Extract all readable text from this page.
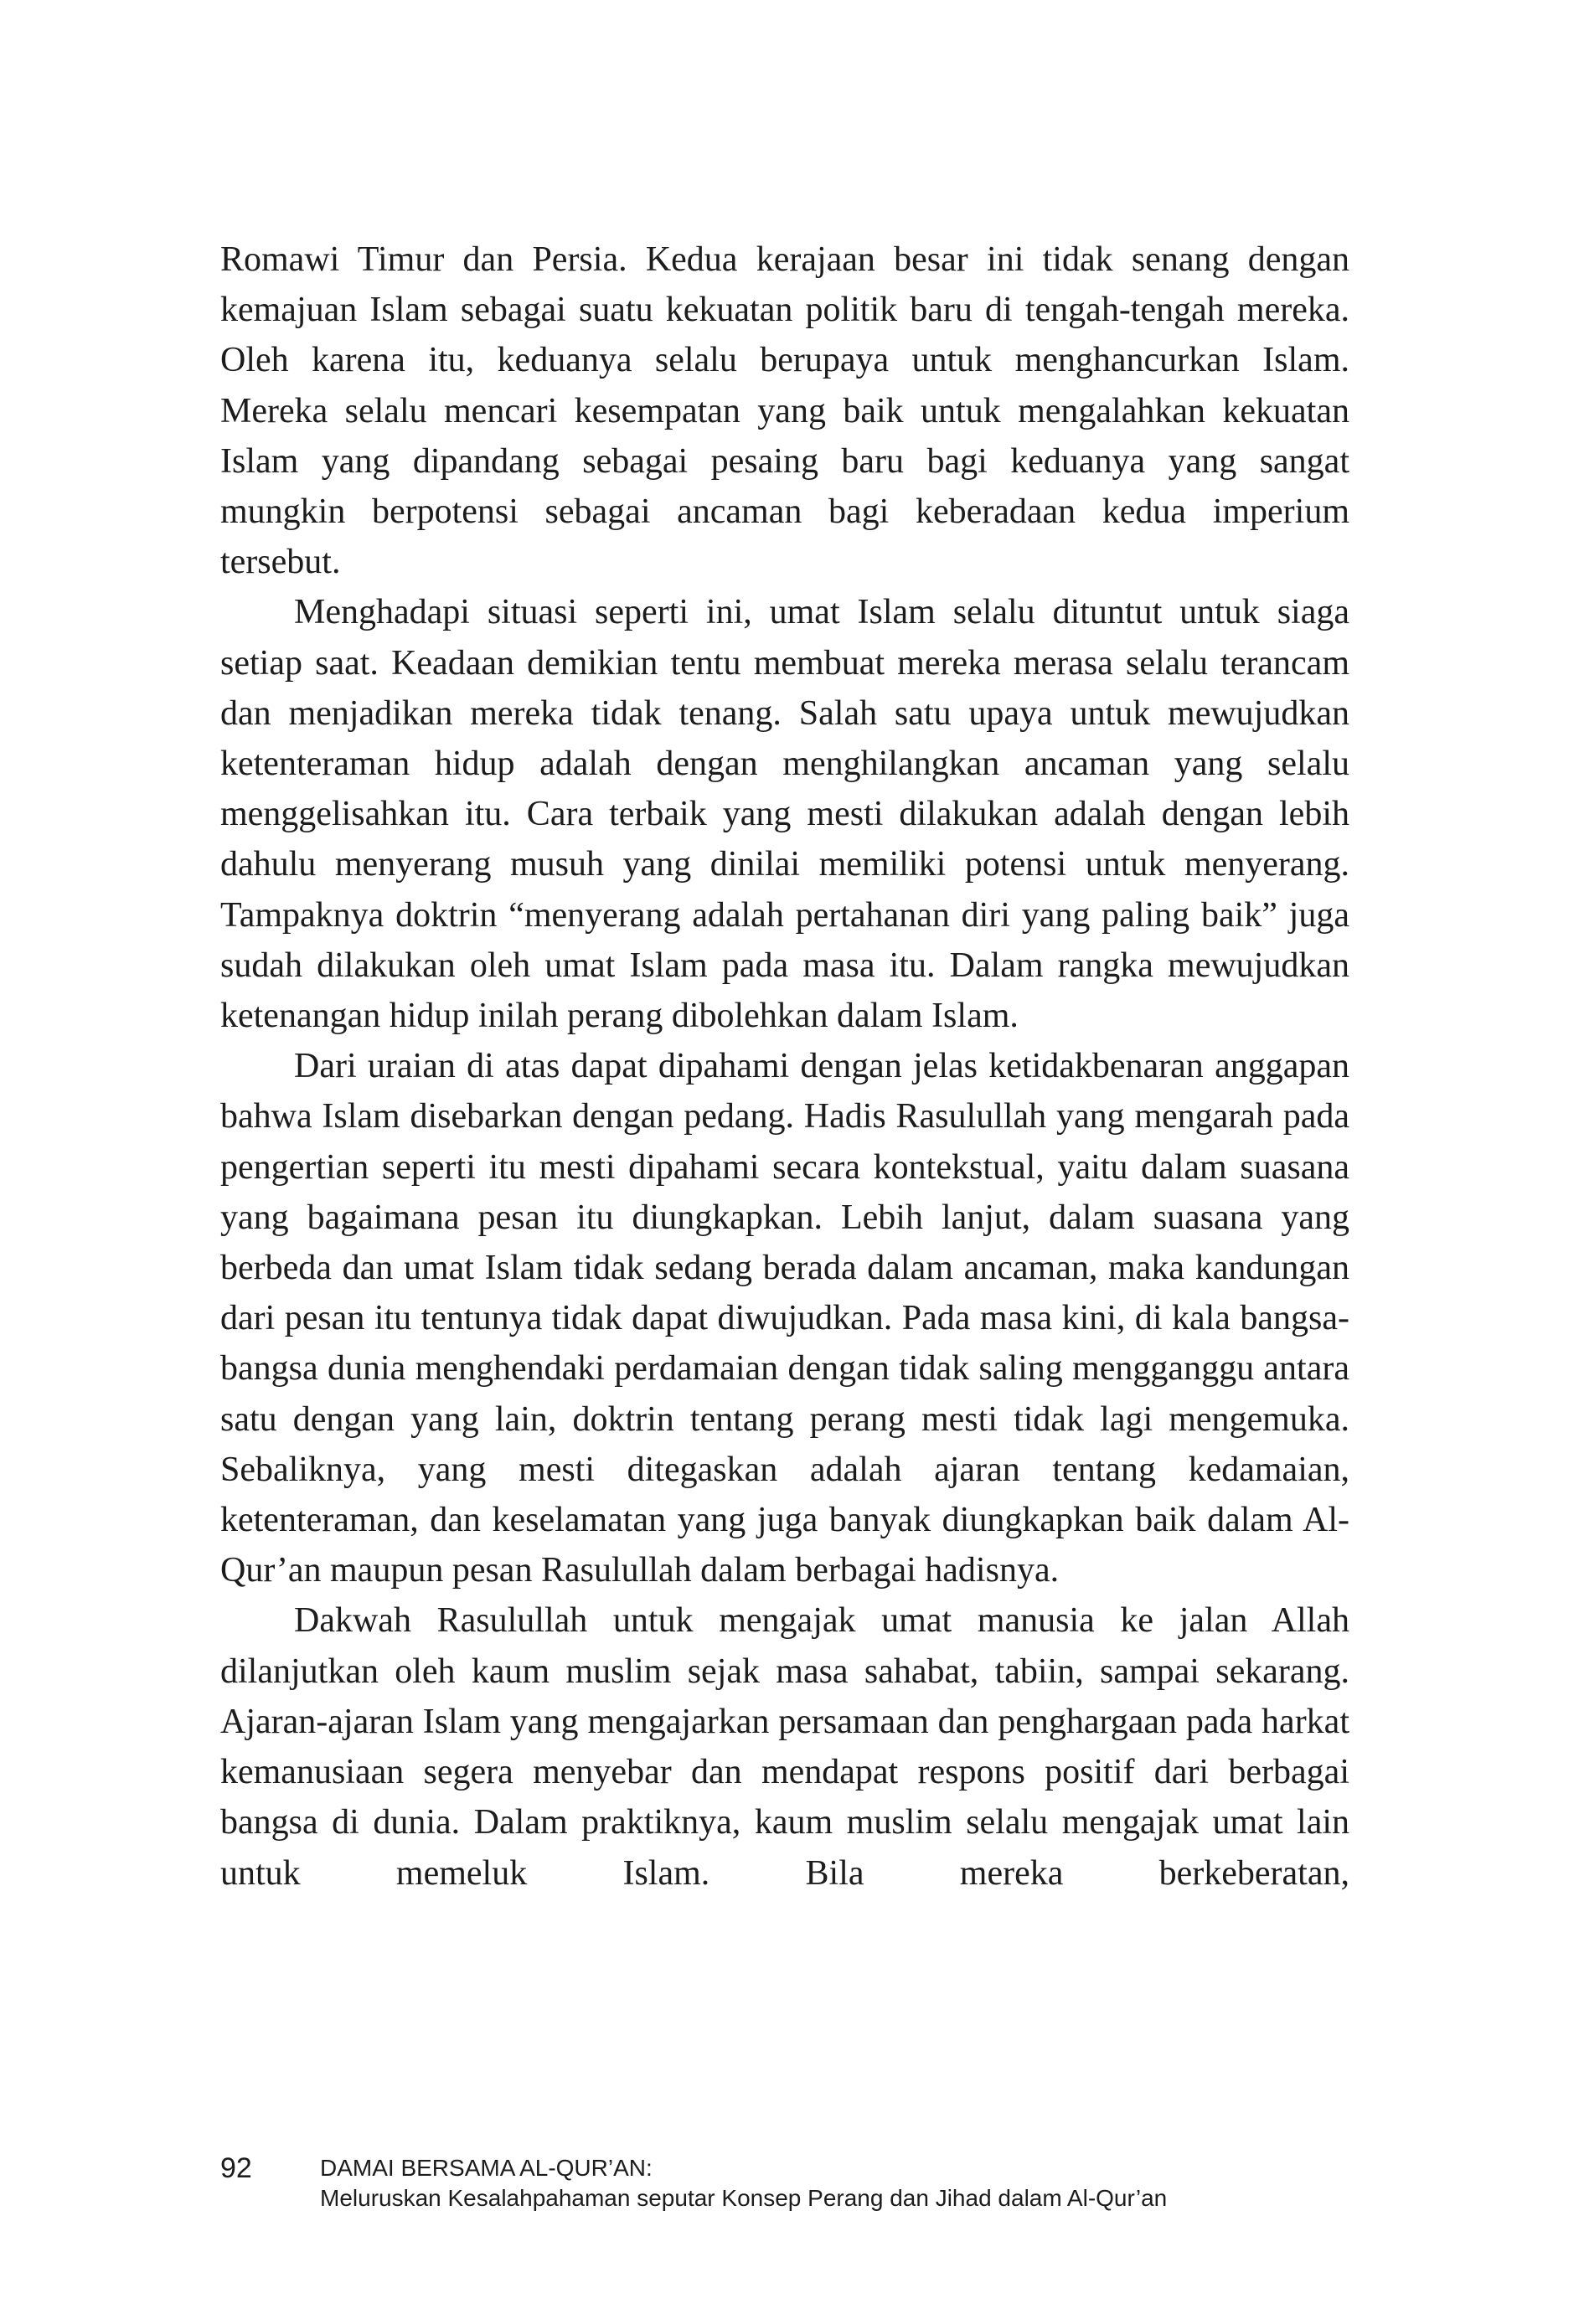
Romawi Timur dan Persia. Kedua kerajaan besar ini tidak senang dengan kemajuan Islam sebagai suatu kekuatan politik baru di tengah-tengah mereka. Oleh karena itu, keduanya selalu berupaya untuk menghancurkan Islam. Mereka selalu mencari kesempatan yang baik untuk mengalahkan kekuatan Islam yang dipandang sebagai pesaing baru bagi keduanya yang sangat mungkin berpotensi sebagai ancaman bagi keberadaan kedua imperium tersebut.

Menghadapi situasi seperti ini, umat Islam selalu dituntut untuk siaga setiap saat. Keadaan demikian tentu membuat mereka merasa selalu terancam dan menjadikan mereka tidak tenang. Salah satu upaya untuk mewujudkan ketenteraman hidup adalah dengan menghilangkan ancaman yang selalu menggelisahkan itu. Cara terbaik yang mesti dilakukan adalah dengan lebih dahulu menyerang musuh yang dinilai memiliki potensi untuk menyerang. Tampaknya doktrin “menyerang adalah pertahanan diri yang paling baik” juga sudah dilakukan oleh umat Islam pada masa itu. Dalam rangka mewujudkan ketenangan hidup inilah perang dibolehkan dalam Islam.

Dari uraian di atas dapat dipahami dengan jelas ketidakbenaran anggapan bahwa Islam disebarkan dengan pedang. Hadis Rasulullah yang mengarah pada pengertian seperti itu mesti dipahami secara kontekstual, yaitu dalam suasana yang bagaimana pesan itu diungkapkan. Lebih lanjut, dalam suasana yang berbeda dan umat Islam tidak sedang berada dalam ancaman, maka kandungan dari pesan itu tentunya tidak dapat diwujudkan. Pada masa kini, di kala bangsa-bangsa dunia menghendaki perdamaian dengan tidak saling mengganggu antara satu dengan yang lain, doktrin tentang perang mesti tidak lagi mengemuka. Sebaliknya, yang mesti ditegaskan adalah ajaran tentang kedamaian, ketenteraman, dan keselamatan yang juga banyak diungkapkan baik dalam Al-Qur’an maupun pesan Rasulullah dalam berbagai hadisnya.

Dakwah Rasulullah untuk mengajak umat manusia ke jalan Allah dilanjutkan oleh kaum muslim sejak masa sahabat, tabiin, sampai sekarang. Ajaran-ajaran Islam yang mengajarkan persamaan dan penghargaan pada harkat kemanusiaan segera menyebar dan mendapat respons positif dari berbagai bangsa di dunia. Dalam praktiknya, kaum muslim selalu mengajak umat lain untuk memeluk Islam. Bila mereka berkeberatan,

92	DAMAI BERSAMA AL-QUR’AN:
Meluruskan Kesalahpahaman seputar Konsep Perang dan Jihad dalam Al-Qur’an
